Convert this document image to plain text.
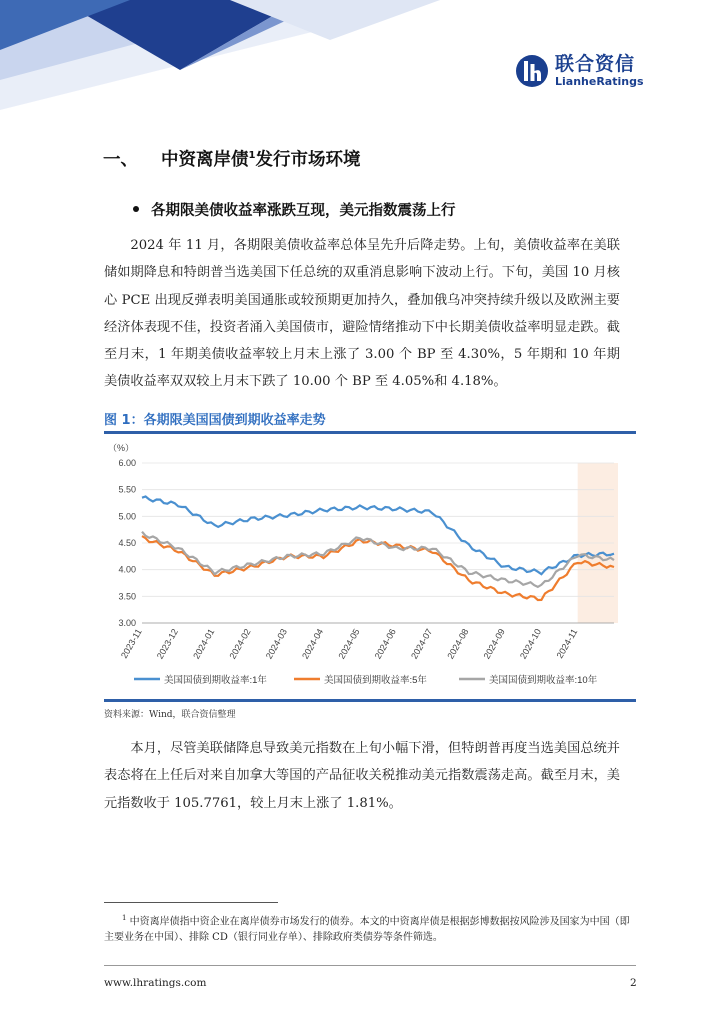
联合资信
LianheRatings
一、 中资离岸债$^1$发行市场环境
各期限美债收益率涨跌互现，美元指数震荡上行

2024 年 11 月，各期限美债收益率总体呈先升后降走势。上旬，美债收益率在美联储如期降息和特朗普当选美国下任总统的双重消息影响下波动上行。下旬，美国 10 月核心 PCE 出现反弹表明美国通胀或较预期更加持久，叠加俄乌冲突持续升级以及欧洲主要经济体表现不佳，投资者涌入美国债市，避险情绪推动下中长期美债收益率明显走跌。截至月末，1 年期美债收益率较上月末上涨了 3.00 个 BP 至 4.30%，5 年期和 10 年期美债收益率双双较上月末下跌了 10.00 个 BP 至 4.05%和 4.18%。

图 1：各期限美国国债到期收益率走势
（%）
6.00
5.50
5.00
4.50
4.00
3.50
3.00
2023-11 2023-12 2024-01 2024-02 2024-03 2024-04 2024-05 2024-06 2024-07 2024-08 2024-09 2024-10 2024-11
美国国债到期收益率:1年	美国国债到期收益率:5年	美国国债到期收益率:10年
资料来源：Wind，联合资信整理

本月，尽管美联储降息导致美元指数在上旬小幅下滑，但特朗普再度当选美国总统并表态将在上任后对来自加拿大等国的产品征收关税推动美元指数震荡走高。截至月末，美元指数收于 105.7761，较上月末上涨了 1.81%。

$^1$ 中资离岸债指中资企业在离岸债券市场发行的债券。本文的中资离岸债是根据彭博数据按风险涉及国家为中国（即主要业务在中国）、排除 CD（银行同业存单）、排除政府类债券等条件筛选。

www.lhratings.com	2
